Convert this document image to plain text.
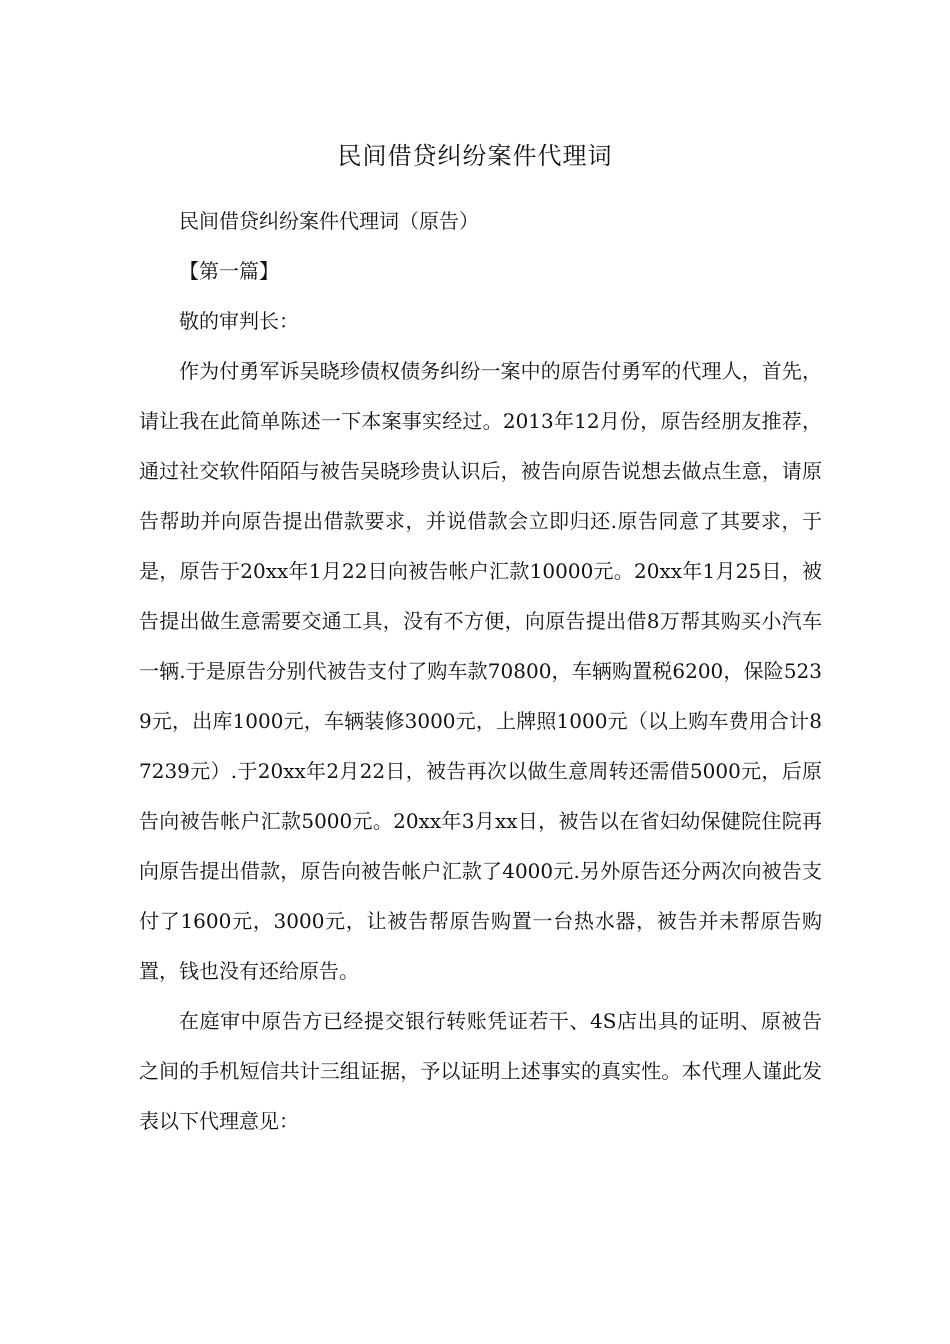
民间借贷纠纷案件代理词

民间借贷纠纷案件代理词（原告）

【第一篇】

敬的审判长：

作为付勇军诉吴晓珍债权债务纠纷一案中的原告付勇军的代理人，首先，请让我在此简单陈述一下本案事实经过。2013年12月份，原告经朋友推荐，通过社交软件陌陌与被告吴晓珍贵认识后，被告向原告说想去做点生意，请原告帮助并向原告提出借款要求，并说借款会立即归还.原告同意了其要求，于是，原告于20xx年1月22日向被告帐户汇款10000元。20xx年1月25日，被告提出做生意需要交通工具，没有不方便，向原告提出借8万帮其购买小汽车一辆.于是原告分别代被告支付了购车款70800，车辆购置税6200，保险5239元，出库1000元，车辆装修3000元，上牌照1000元（以上购车费用合计87239元）.于20xx年2月22日，被告再次以做生意周转还需借5000元，后原告向被告帐户汇款5000元。20xx年3月xx日，被告以在省妇幼保健院住院再向原告提出借款，原告向被告帐户汇款了4000元.另外原告还分两次向被告支付了1600元，3000元，让被告帮原告购置一台热水器，被告并未帮原告购置，钱也没有还给原告。

在庭审中原告方已经提交银行转账凭证若干、4S店出具的证明、原被告之间的手机短信共计三组证据，予以证明上述事实的真实性。本代理人谨此发表以下代理意见：
